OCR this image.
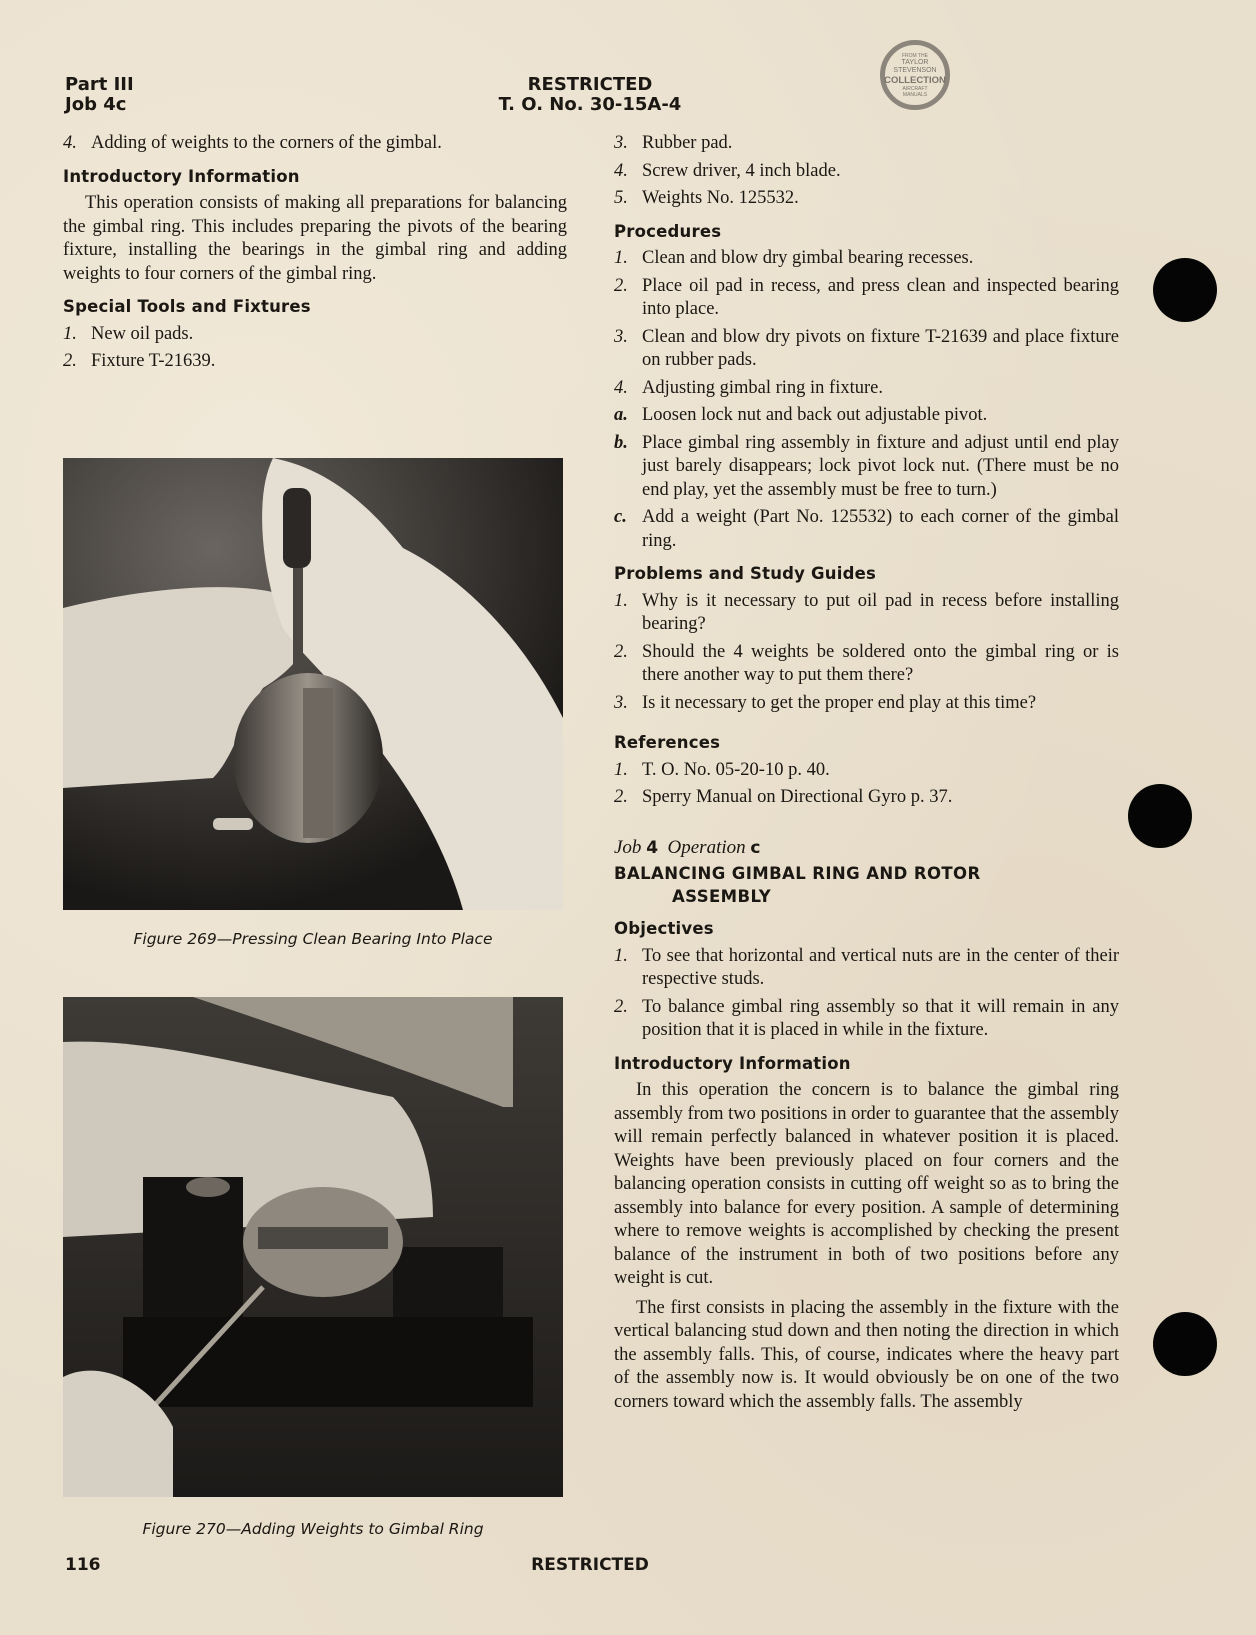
Part III
Job 4c
RESTRICTED
T. O. No. 30-15A-4
FROM THE
TAYLOR
STEVENSON
COLLECTION
AIRCRAFT
MANUALS
4. Adding of weights to the corners of the gimbal.
Introductory Information
This operation consists of making all preparations for balancing the gimbal ring. This includes preparing the pivots of the bearing fixture, installing the bearings in the gimbal ring and adding weights to four corners of the gimbal ring.
Special Tools and Fixtures
1. New oil pads.
2. Fixture T-21639.
Figure 269—Pressing Clean Bearing Into Place
Figure 270—Adding Weights to Gimbal Ring
3. Rubber pad.
4. Screw driver, 4 inch blade.
5. Weights No. 125532.
Procedures
1. Clean and blow dry gimbal bearing recesses.
2. Place oil pad in recess, and press clean and inspected bearing into place.
3. Clean and blow dry pivots on fixture T-21639 and place fixture on rubber pads.
4. Adjusting gimbal ring in fixture.
a. Loosen lock nut and back out adjustable pivot.
b. Place gimbal ring assembly in fixture and adjust until end play just barely disappears; lock pivot lock nut. (There must be no end play, yet the assembly must be free to turn.)
c. Add a weight (Part No. 125532) to each corner of the gimbal ring.
Problems and Study Guides
1. Why is it necessary to put oil pad in recess before installing bearing?
2. Should the 4 weights be soldered onto the gimbal ring or is there another way to put them there?
3. Is it necessary to get the proper end play at this time?
References
1. T. O. No. 05-20-10 p. 40.
2. Sperry Manual on Directional Gyro p. 37.
Job 4 Operation c
BALANCING GIMBAL RING AND ROTOR
ASSEMBLY
Objectives
1. To see that horizontal and vertical nuts are in the center of their respective studs.
2. To balance gimbal ring assembly so that it will remain in any position that it is placed in while in the fixture.
Introductory Information
In this operation the concern is to balance the gimbal ring assembly from two positions in order to guarantee that the assembly will remain perfectly balanced in whatever position it is placed. Weights have been previously placed on four corners and the balancing operation consists in cutting off weight so as to bring the assembly into balance for every position. A sample of determining where to remove weights is accomplished by checking the present balance of the instrument in both of two positions before any weight is cut.
The first consists in placing the assembly in the fixture with the vertical balancing stud down and then noting the direction in which the assembly falls. This, of course, indicates where the heavy part of the assembly now is. It would obviously be on one of the two corners toward which the assembly falls. The assembly
116	RESTRICTED
